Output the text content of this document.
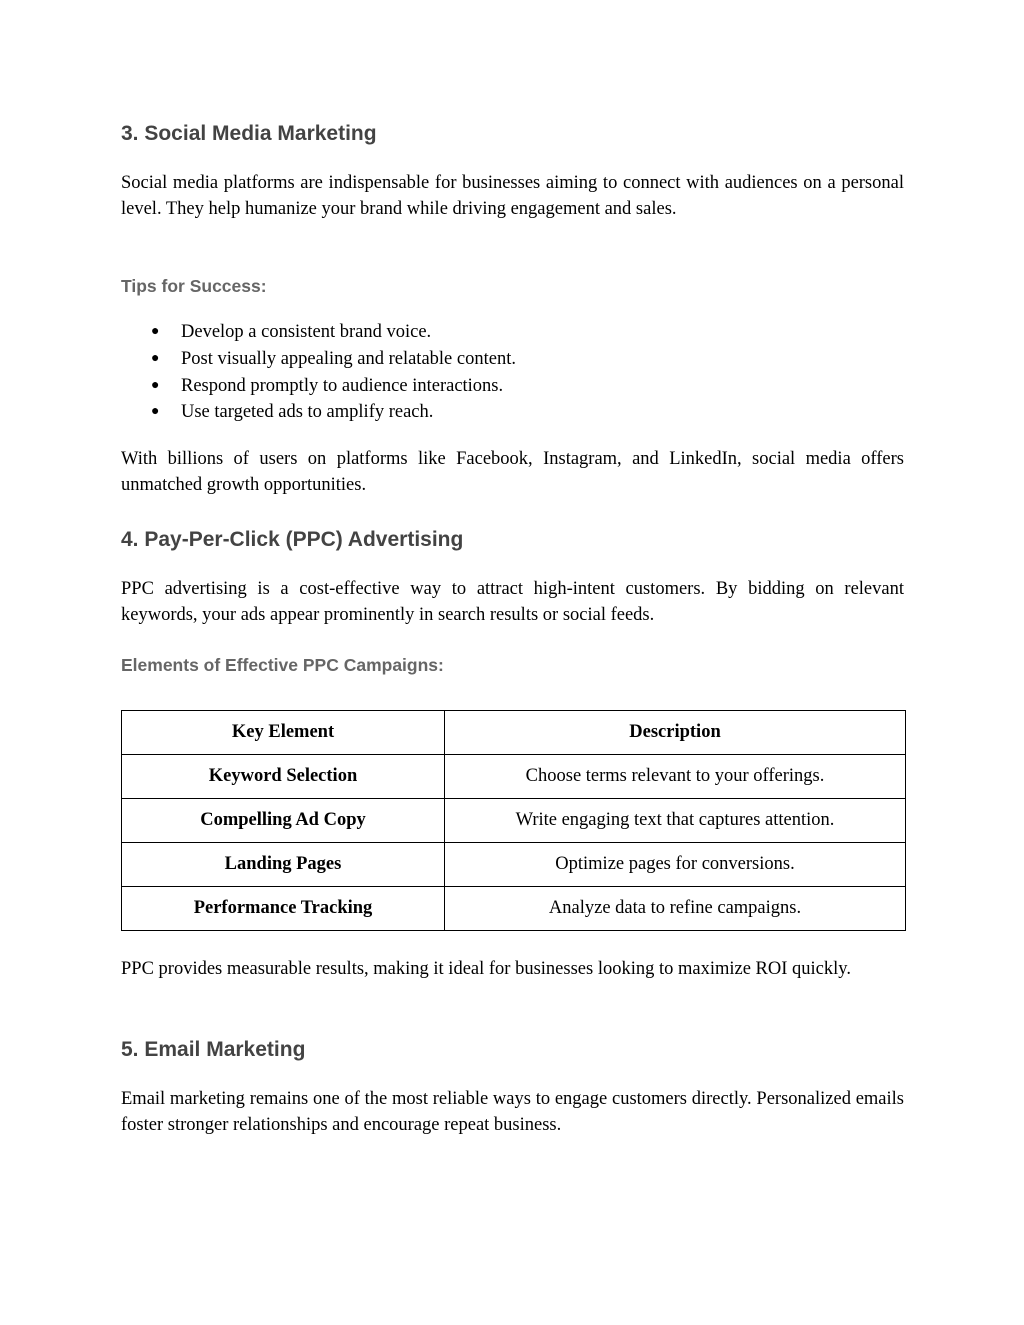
3. Social Media Marketing

Social media platforms are indispensable for businesses aiming to connect with audiences on a personal level. They help humanize your brand while driving engagement and sales.

Tips for Success:
● Develop a consistent brand voice.
● Post visually appealing and relatable content.
● Respond promptly to audience interactions.
● Use targeted ads to amplify reach.

With billions of users on platforms like Facebook, Instagram, and LinkedIn, social media offers unmatched growth opportunities.

4. Pay-Per-Click (PPC) Advertising

PPC advertising is a cost-effective way to attract high-intent customers. By bidding on relevant keywords, your ads appear prominently in search results or social feeds.

Elements of Effective PPC Campaigns:
Key Element	Description
Keyword Selection	Choose terms relevant to your offerings.
Compelling Ad Copy	Write engaging text that captures attention.
Landing Pages	Optimize pages for conversions.
Performance Tracking	Analyze data to refine campaigns.

PPC provides measurable results, making it ideal for businesses looking to maximize ROI quickly.

5. Email Marketing

Email marketing remains one of the most reliable ways to engage customers directly. Personalized emails foster stronger relationships and encourage repeat business.
